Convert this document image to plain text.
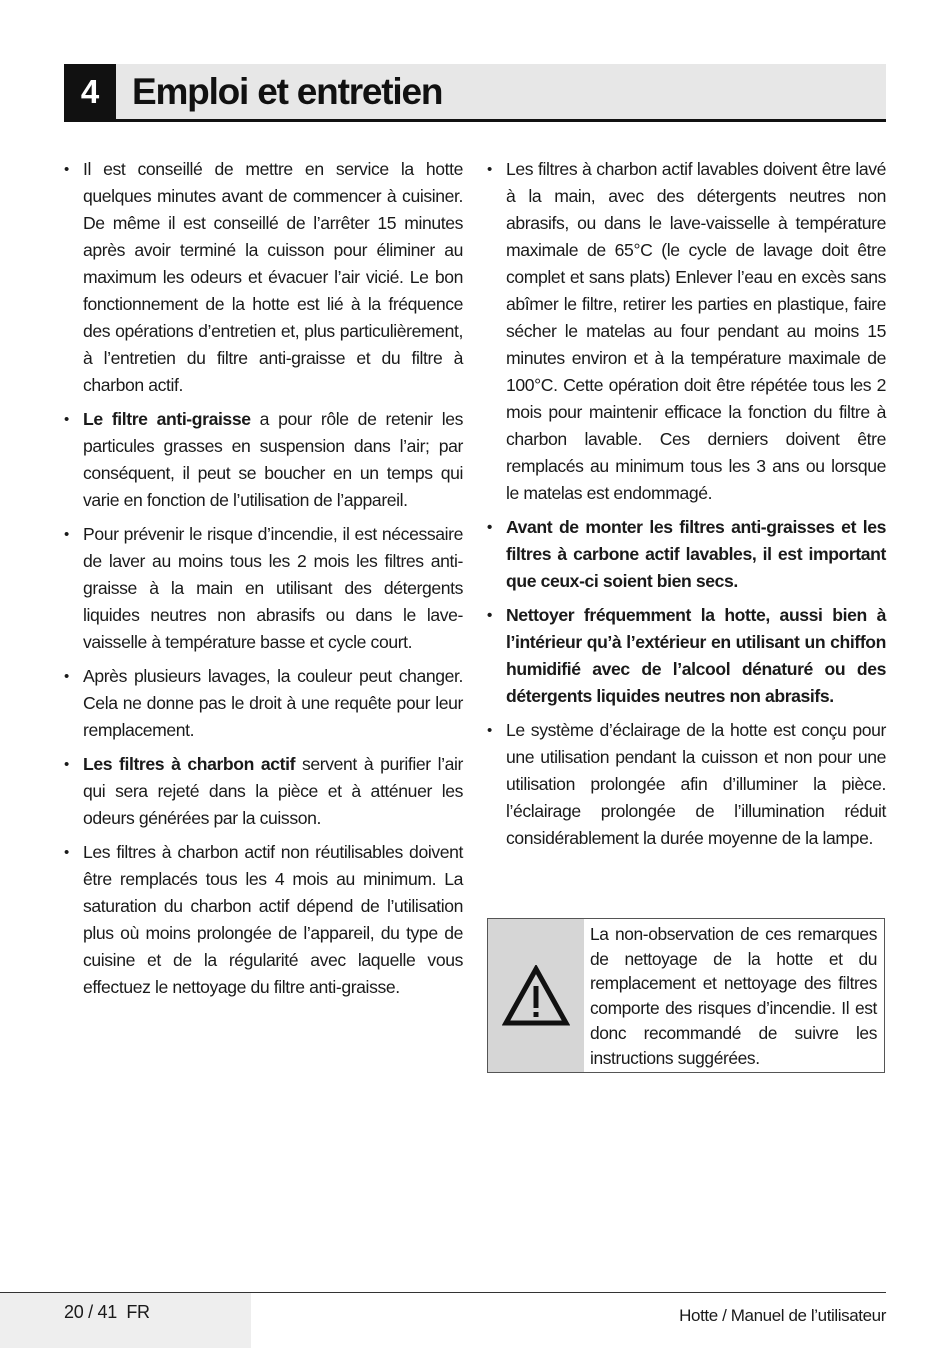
4 Emploi et entretien
• Il est conseillé de mettre en service la hotte quelques minutes avant de commencer à cuisiner. De même il est conseillé de l’arrêter 15 minutes après avoir terminé la cuisson pour éliminer au maximum les odeurs et évacuer l’air vicié. Le bon fonctionnement de la hotte est lié à la fréquence des opérations d’entretien et, plus particulièrement, à l’entretien du filtre anti-graisse et du filtre à charbon actif.
• Le filtre anti-graisse a pour rôle de retenir les particules grasses en suspension dans l’air; par conséquent, il peut se boucher en un temps qui varie en fonction de l’utilisation de l’appareil.
• Pour prévenir le risque d’incendie, il est nécessaire de laver au moins tous les 2 mois les filtres anti-graisse à la main en utilisant des détergents liquides neutres non abrasifs ou dans le lave-vaisselle à température basse et cycle court.
• Après plusieurs lavages, la couleur peut changer. Cela ne donne pas le droit à une requête pour leur remplacement.
• Les filtres à charbon actif servent à purifier l’air qui sera rejeté dans la pièce et à atténuer les odeurs générées par la cuisson.
• Les filtres à charbon actif non réutilisables doivent être remplacés tous les 4 mois au minimum. La saturation du charbon actif dépend de l’utilisation plus où moins prolongée de l’appareil, du type de cuisine et de la régularité avec laquelle vous effectuez le nettoyage du filtre anti-graisse.
• Les filtres à charbon actif lavables doivent être lavé à la main, avec des détergents neutres non abrasifs, ou dans le lave-vaisselle à température maximale de 65°C (le cycle de lavage doit être complet et sans plats) Enlever l’eau en excès sans abîmer le filtre, retirer les parties en plastique, faire sécher le matelas au four pendant au moins 15 minutes environ et à la température maximale de 100°C. Cette opération doit être répétée tous les 2 mois pour maintenir efficace la fonction du filtre à charbon lavable. Ces derniers doivent être remplacés au minimum tous les 3 ans ou lorsque le matelas est endommagé.
• Avant de monter les filtres anti-graisses et les filtres à carbone actif lavables, il est important que ceux-ci soient bien secs.
• Nettoyer fréquemment la hotte, aussi bien à l’intérieur qu’à l’extérieur en utilisant un chiffon humidifié avec de l’alcool dénaturé ou des détergents liquides neutres non abrasifs.
• Le système d’éclairage de la hotte est conçu pour une utilisation pendant la cuisson et non pour une utilisation prolongée afin d’illuminer la pièce. l’éclairage prolongée de l’illumination réduit considérablement la durée moyenne de la lampe.
La non-observation de ces remarques de nettoyage de la hotte et du remplacement et nettoyage des filtres comporte des risques d’incendie. Il est donc recommandé de suivre les instructions suggérées.
20 / 41  FR	Hotte / Manuel de l’utilisateur
